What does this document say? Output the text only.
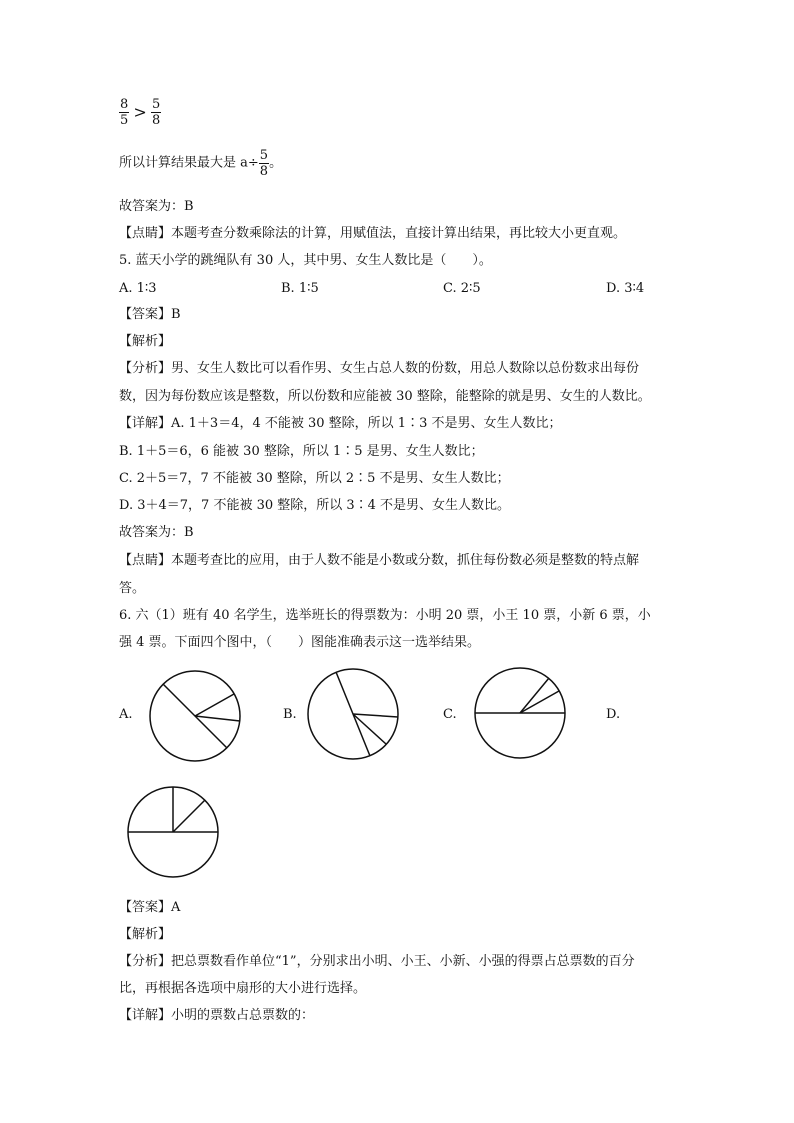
$\frac{8}{5} > \frac{5}{8}$
所以计算结果最大是 $a\div \frac{5}{8}$ 。
故答案为：B
【点睛】本题考查分数乘除法的计算，用赋值法，直接计算出结果，再比较大小更直观。
5. 蓝天小学的跳绳队有 30 人，其中男、女生人数比是（　　）。
A. 1∶3	B. 1∶5	C. 2∶5	D. 3∶4
【答案】B
【解析】
【分析】男、女生人数比可以看作男、女生占总人数的份数，用总人数除以总份数求出每份
数，因为每份数应该是整数，所以份数和应能被 30 整除，能整除的就是男、女生的人数比。
【详解】A. 1＋3＝4，4 不能被 30 整除，所以 1∶3 不是男、女生人数比；
B. 1＋5＝6，6 能被 30 整除，所以 1∶5 是男、女生人数比；
C. 2＋5＝7，7 不能被 30 整除，所以 2∶5 不是男、女生人数比；
D. 3＋4＝7，7 不能被 30 整除，所以 3∶4 不是男、女生人数比。
故答案为：B
【点睛】本题考查比的应用，由于人数不能是小数或分数，抓住每份数必须是整数的特点解
答。
6. 六（1）班有 40 名学生，选举班长的得票数为：小明 20 票，小王 10 票，小新 6 票，小
强 4 票。下面四个图中，（　　）图能准确表示这一选举结果。
A.	B.	C.	D.
【答案】A
【解析】
【分析】把总票数看作单位“1”，分别求出小明、小王、小新、小强的得票占总票数的百分
比，再根据各选项中扇形的大小进行选择。
【详解】小明的票数占总票数的：
